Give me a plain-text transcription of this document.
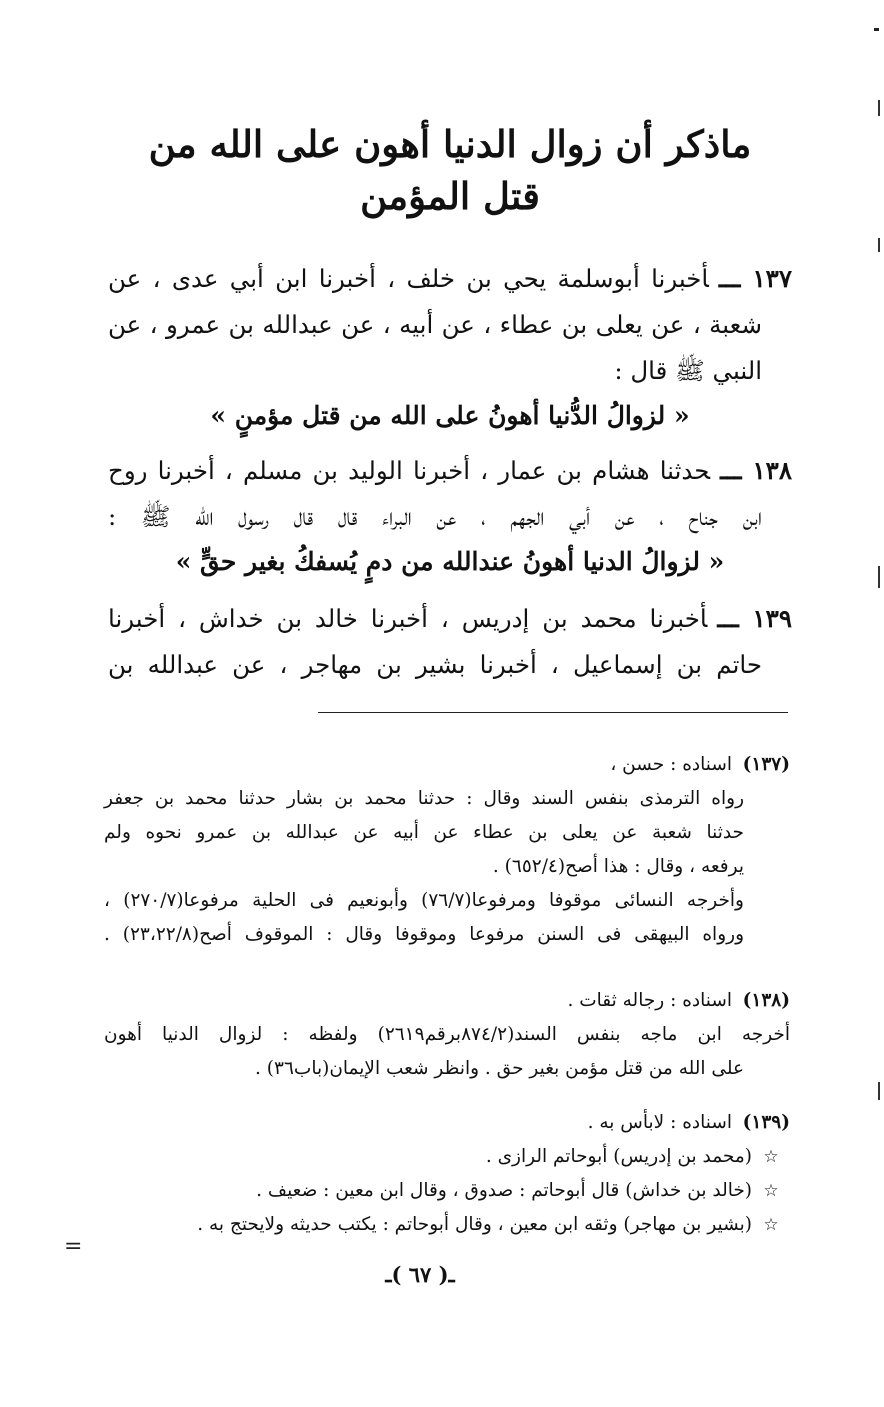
ماذكر أن زوال الدنيا أهون على الله من
قتل المؤمن
١٣٧ ـــأخبرنا أبوسلمة يحي بن خلف ، أخبرنا ابن أبي عدى ، عن
شعبة ، عن يعلى بن عطاء ، عن أبيه ، عن عبدالله بن عمرو ، عن
النبي ﷺ قال :
« لزوالُ الدُّنيا أهونُ على الله من قتل مؤمنٍ »
١٣٨ ـــحدثنا هشام بن عمار ، أخبرنا الوليد بن مسلم ، أخبرنا روح
ابن جناح ، عن أبي الجهم ، عن البراء قال قال رسول الله ﷺ :
« لزوالُ الدنيا أهونُ عندالله من دمٍ يُسفكُ بغير حقٍّ »
١٣٩ ـــأخبرنا محمد بن إدريس ، أخبرنا خالد بن خداش ، أخبرنا
حاتم بن إسماعيل ، أخبرنا بشير بن مهاجر ، عن عبدالله بن
(١٣٧)اسناده : حسن ،
رواه الترمذى بنفس السند وقال : حدثنا محمد بن بشار حدثنا محمد بن جعفر
حدثنا شعبة عن يعلى بن عطاء عن أبيه عن عبدالله بن عمرو نحوه ولم
يرفعه ، وقال : هذا أصح(٦٥٢/٤) .
وأخرجه النسائى موقوفا ومرفوعا(٧٦/٧) وأبونعيم فى الحلية مرفوعا(٢٧٠/٧) ،
ورواه البيهقى فى السنن مرفوعا وموقوفا وقال : الموقوف أصح(٢٣،٢٢/٨) .
(١٣٨)اسناده : رجاله ثقات .
أخرجه ابن ماجه بنفس السند(٨٧٤/٢برقم٢٦١٩) ولفظه : لزوال الدنيا أهون
على الله من قتل مؤمن بغير حق . وانظر شعب الإيمان(باب٣٦) .
(١٣٩)اسناده : لابأس به .
☆(محمد بن إدريس) أبوحاتم الرازى .
☆(خالد بن خداش) قال أبوحاتم : صدوق ، وقال ابن معين : ضعيف .
☆(بشير بن مهاجر) وثقه ابن معين ، وقال أبوحاتم : يكتب حديثه ولايحتج به .
=
ـ( ٦٧ )ـ
